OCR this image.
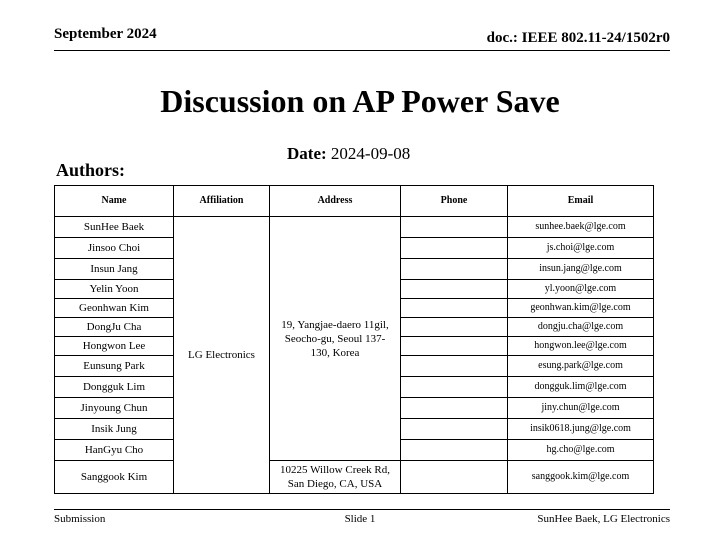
September 2024	doc.: IEEE 802.11-24/1502r0
Discussion on AP Power Save
Date: 2024-09-08
Authors:
Name	Affiliation	Address	Phone	Email
SunHee Baek	LG Electronics	19, Yangjae-daero 11gil, Seocho-gu, Seoul 137-130, Korea		sunhee.baek@lge.com
Jinsoo Choi				js.choi@lge.com
Insun Jang				insun.jang@lge.com
Yelin Yoon				yl.yoon@lge.com
Geonhwan Kim				geonhwan.kim@lge.com
DongJu Cha				dongju.cha@lge.com
Hongwon Lee				hongwon.lee@lge.com
Eunsung Park				esung.park@lge.com
Dongguk Lim				dongguk.lim@lge.com
Jinyoung Chun				jiny.chun@lge.com
Insik Jung				insik0618.jung@lge.com
HanGyu Cho				hg.cho@lge.com
Sanggook Kim		10225 Willow Creek Rd, San Diego, CA, USA		sanggook.kim@lge.com
Submission	Slide 1	SunHee Baek, LG Electronics
